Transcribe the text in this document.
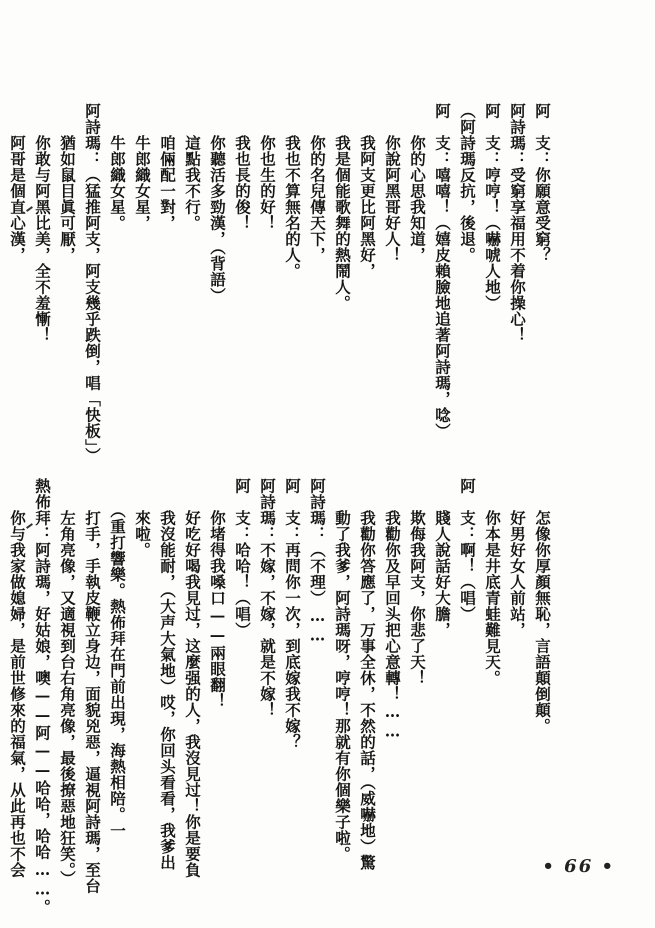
阿　支：你願意受窮？
阿詩瑪：受窮享福用不着你操心！
阿　支：哼哼！（嚇唬人地）
（阿詩瑪反抗，後退。
阿　支：嘻嘻！（嬉皮賴臉地追著阿詩瑪，唸）
　　你的心思我知道，
　　你說阿黑哥好人！
　　我阿支更比阿黑好，
　　我是個能歌舞的熱鬧人。
　　你的名兒傳天下，
　　我也不算無名的人。
　　你也生的好！
　　我也長的俊！
　　你聽活多勁漢，（背語）
　　這點我不行。
　　咱倆配一對，
　　牛郎織女星，
　　牛郎織女星。
阿詩瑪：（猛推阿支，阿支幾乎跌倒，唱「快板」）
　　猶如鼠目眞可厭，
　　你敢与阿黑比美，全不羞慚！
　　阿哥是個直心漢，
　　怎像你厚顏無恥，言語顛倒顛。
　　好男好女人前站，
　　你本是井底青蛙難見天。
阿　支：啊！（唱）
　　賤人說話好大膽，
　　欺侮我阿支，你悲了天！
　　我勸你及早回头把心意轉！……
　　我勸你答應了，万事全休，不然的話，（威嚇地）驚
　　動了我爹，阿詩瑪呀，哼哼！那就有你個樂子啦。
阿詩瑪：（不理）……
阿　支：再問你一次，到底嫁我不嫁？
阿詩瑪：不嫁，不嫁，就是不嫁！
阿　支：哈哈！（唱）
　　你堵得我嗓口——兩眼翻！
　　好吃好喝我見过，这麼强的人，我沒見过！你是要負
　　我沒能耐，（大声大氣地）哎，你回头看看，我爹出
　　來啦。
　　（重打響樂。熱佈拜在門前出現，海熱相陪。一
　　打手，手執皮鞭立身边，面貌兇惡，逼視阿詩瑪，至台
　　左角亮像，又適視到台右角亮像，最後撩惡地狂笑。）
熱佈拜：阿詩瑪，好姑娘，噢——阿——哈哈，哈哈……。
　　你与我家做媳婦，是前世修來的福氣，从此再也不会	• 66 •
